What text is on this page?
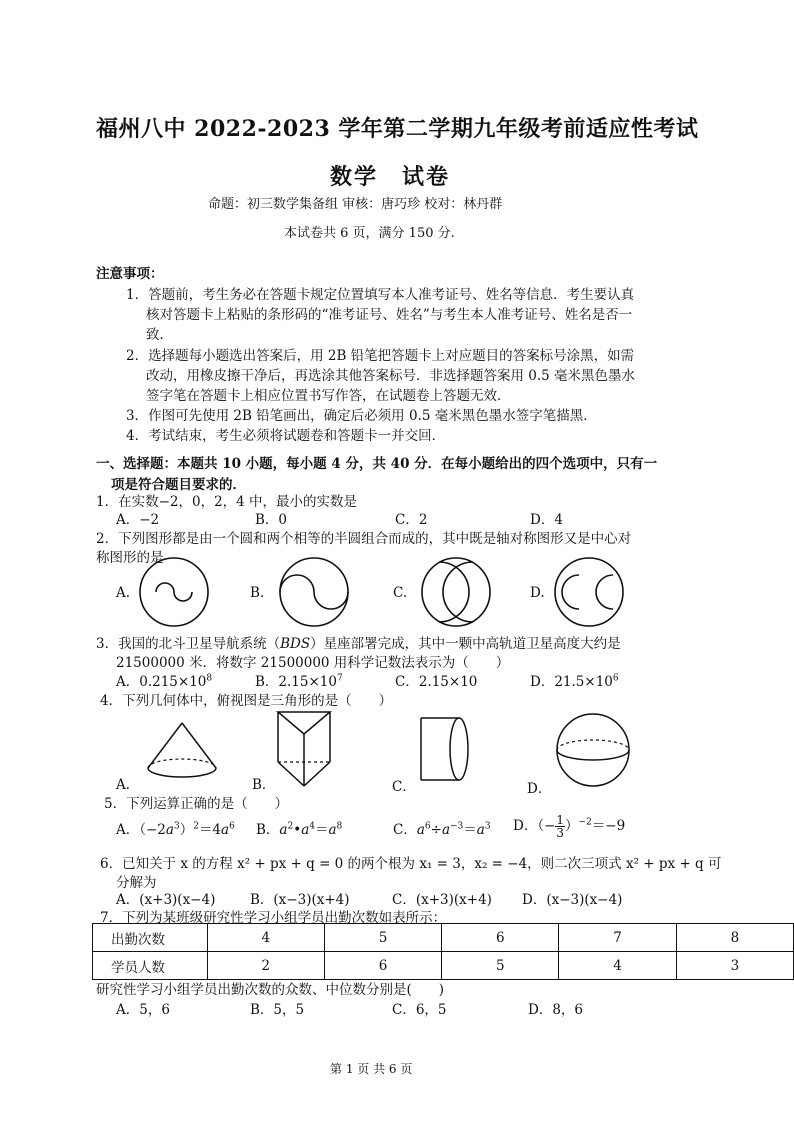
福州八中 2022-2023 学年第二学期九年级考前适应性考试
数学　试卷
命题：初三数学集备组 审核：唐巧珍 校对：林丹群
本试卷共 6 页，满分 150 分.
注意事项：
1．答题前，考生务必在答题卡规定位置填写本人准考证号、姓名等信息．考生要认真
核对答题卡上粘贴的条形码的“准考证号、姓名”与考生本人准考证号、姓名是否一
致．
2．选择题每小题选出答案后，用 2B 铅笔把答题卡上对应题目的答案标号涂黑，如需
改动，用橡皮擦干净后，再选涂其他答案标号．非选择题答案用 0.5 毫米黑色墨水
签字笔在答题卡上相应位置书写作答，在试题卷上答题无效．
3．作图可先使用 2B 铅笔画出，确定后必须用 0.5 毫米黑色墨水签字笔描黑．
4．考试结束，考生必须将试题卷和答题卡一并交回．
一、选择题：本题共 10 小题，每小题 4 分，共 40 分．在每小题给出的四个选项中，只有一
项是符合题目要求的．
1．在实数−2，0，2，4 中，最小的实数是
A．−2	B．0	C．2	D．4
2．下列图形都是由一个圆和两个相等的半圆组合而成的，其中既是轴对称图形又是中心对
称图形的是
A.	B.	C.	D.
3．我国的北斗卫星导航系统（BDS）星座部署完成，其中一颗中高轨道卫星高度大约是
21500000 米．将数字 21500000 用科学记数法表示为（　　）
A．$0.215\times 10^8$	B．$2.15\times 10^7$	C．2.15×10	D．$21.5\times 10^6$
4．下列几何体中，俯视图是三角形的是（　　）
A．	B．	C．	D．
5．下列运算正确的是（　　）
A．$(-2a^3)^2=4a^6$ B．$a^2•a^4=a^8$	C．$a^6\div a^{-3}=a^3$ D．（− $\frac{1}{3} )^{-2}=-9$
6．已知关于 x 的方程 x² + px + q = 0 的两个根为 x₁ = 3，x₂ = −4，则二次三项式 x² + px + q 可
分解为
A．(x+3)(x−4)	B．(x−3)(x+4)	C．(x+3)(x+4) D．(x−3)(x−4)
7．下列为某班级研究性学习小组学员出勤次数如表所示：
出勤次数	4	5	6	7	8
学员人数	2	6	5	4	3
研究性学习小组学员出勤次数的众数、中位数分别是(　　)
A．5，6	B．5，5	C．6，5	D．8，6
第 1 页 共 6 页
